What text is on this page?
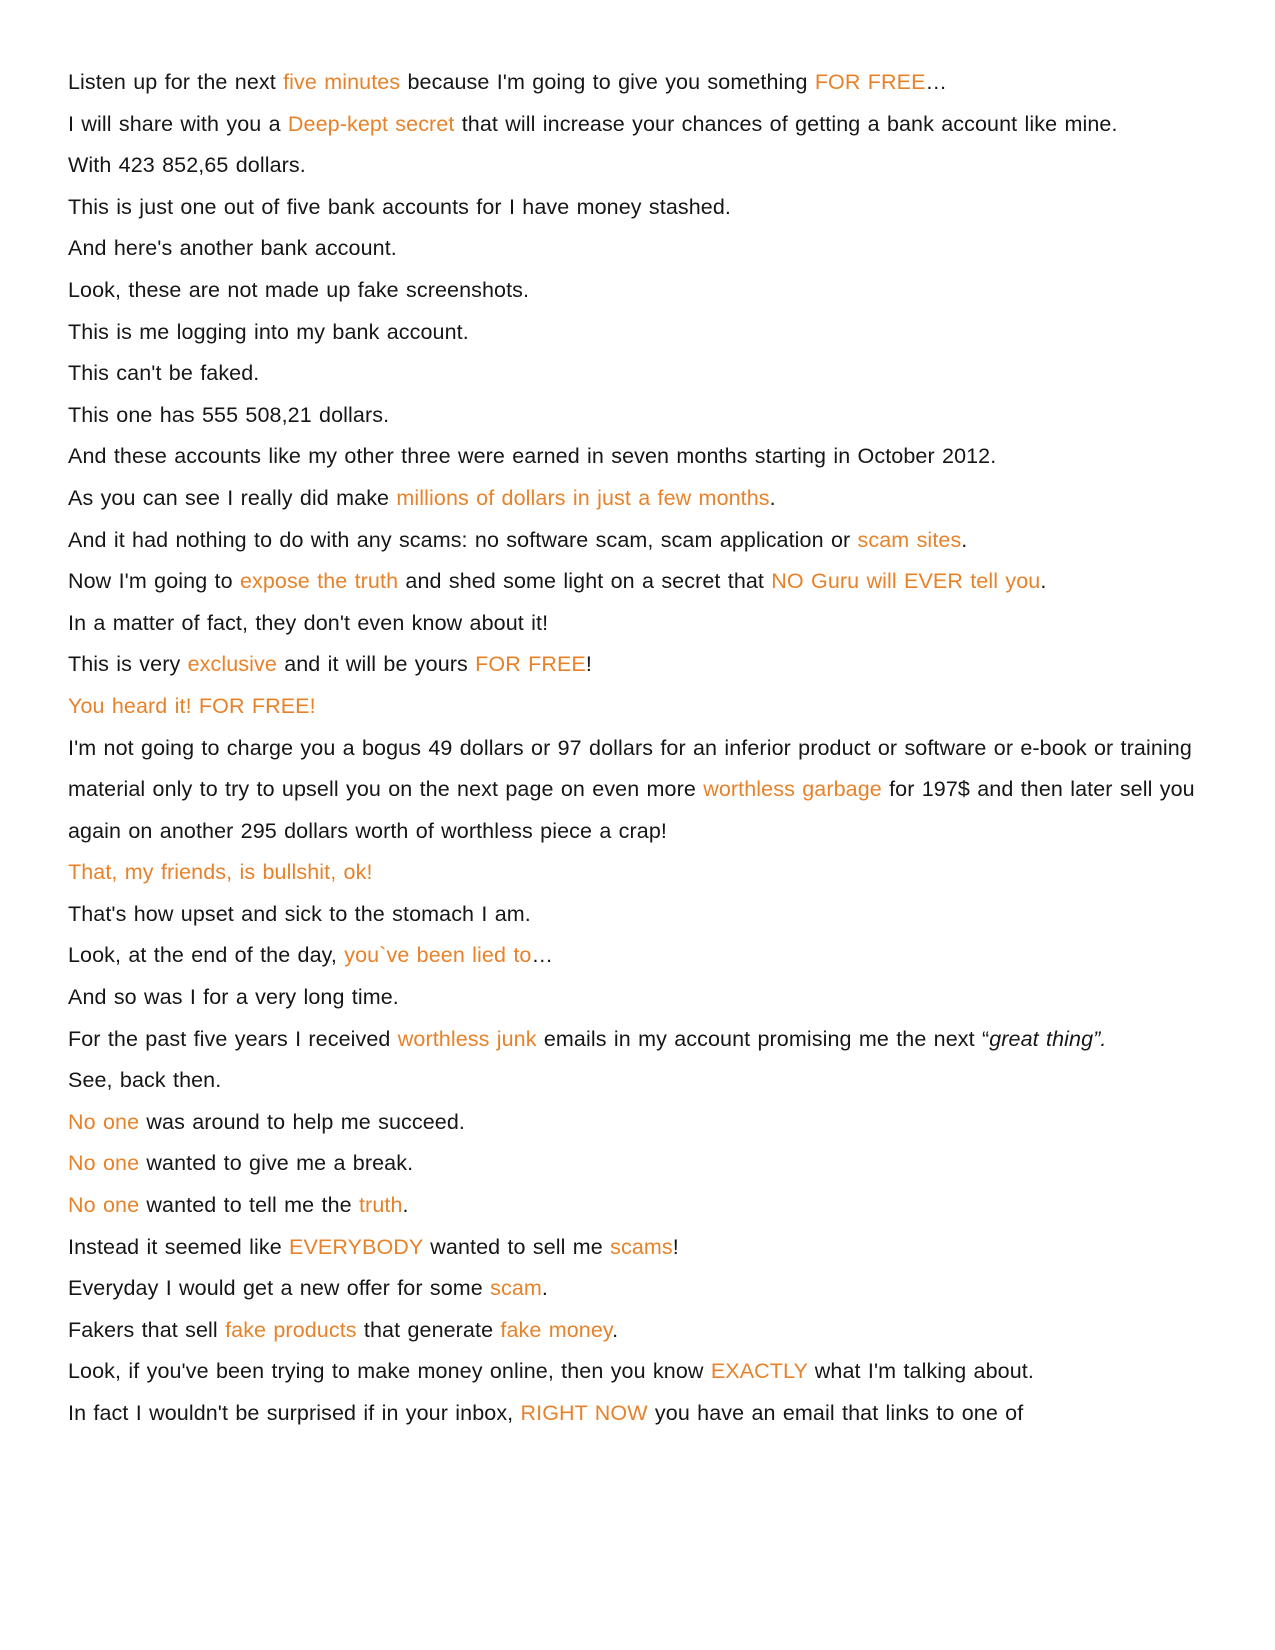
Listen up for the next five minutes because I'm going to give you something FOR FREE…
I will share with you a Deep-kept secret that will increase your chances of getting a bank account like mine.
With 423 852,65 dollars.
This is just one out of five bank accounts for I have money stashed.
And here's another bank account.
Look, these are not made up fake screenshots.
This is me logging into my bank account.
This can't be faked.
This one has 555 508,21 dollars.
And these accounts like my other three were earned in seven months starting in October 2012.
As you can see I really did make millions of dollars in just a few months.
And it had nothing to do with any scams: no software scam, scam application or scam sites.
Now I'm going to expose the truth and shed some light on a secret that NO Guru will EVER tell you.
In a matter of fact, they don't even know about it!
This is very exclusive and it will be yours FOR FREE!
You heard it! FOR FREE!
I'm not going to charge you a bogus 49 dollars or 97 dollars for an inferior product or software or e-book or training material only to try to upsell you on the next page on even more worthless garbage for 197$ and then later sell you again on another 295 dollars worth of worthless piece a crap!
That, my friends, is bullshit, ok!
That's how upset and sick to the stomach I am.
Look, at the end of the day, you`ve been lied to…
And so was I for a very long time.
For the past five years I received worthless junk emails in my account promising me the next “great thing”.
See, back then.
No one was around to help me succeed.
No one wanted to give me a break.
No one wanted to tell me the truth.
Instead it seemed like EVERYBODY wanted to sell me scams!
Everyday I would get a new offer for some scam.
Fakers that sell fake products that generate fake money.
Look, if you've been trying to make money online, then you know EXACTLY what I'm talking about.
In fact I wouldn't be surprised if in your inbox, RIGHT NOW you have an email that links to one of
